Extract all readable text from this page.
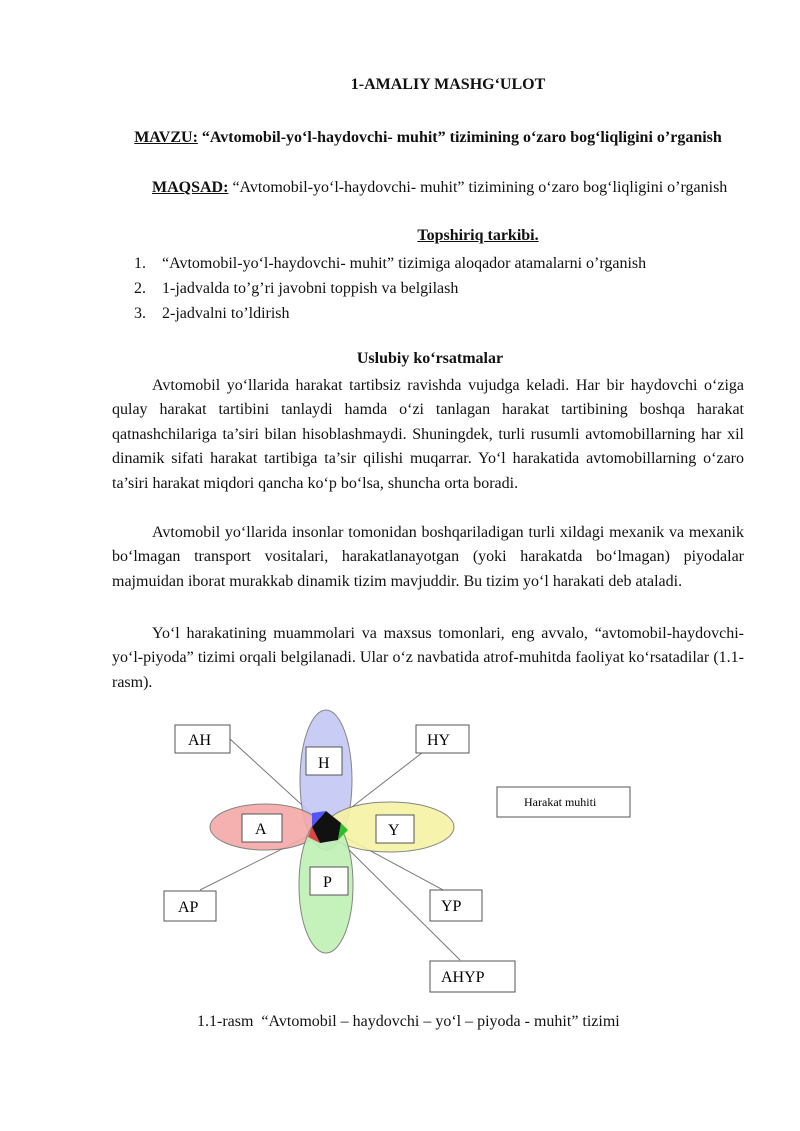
1-AMALIY MASHG‘ULOT
MAVZU: “Avtomobil-yo‘l-haydovchi- muhit” tizimining o‘zaro bog‘liqligini o’rganish
MAQSAD: “Avtomobil-yo‘l-haydovchi- muhit” tizimining o‘zaro bog‘liqligini o’rganish
Topshiriq tarkibi.
1. “Avtomobil-yo‘l-haydovchi- muhit” tizimiga aloqador atamalarni o’rganish
2. 1-jadvalda to’g’ri javobni toppish va belgilash
3. 2-jadvalni to’ldirish
Uslubiy ko‘rsatmalar
Avtomobil yo‘llarida harakat tartibsiz ravishda vujudga keladi. Har bir haydovchi o‘ziga qulay harakat tartibini tanlaydi hamda o‘zi tanlagan harakat tartibining boshqa harakat qatnashchilariga ta’siri bilan hisoblashmaydi. Shuningdek, turli rusumli avtomobillarning har xil dinamik sifati harakat tartibiga ta’sir qilishi muqarrar. Yo‘l harakatida avtomobillarning o‘zaro ta’siri harakat miqdori qancha ko‘p bo‘lsa, shuncha orta boradi.
Avtomobil yo‘llarida insonlar tomonidan boshqariladigan turli xildagi mexanik va mexanik bo‘lmagan transport vositalari, harakatlanayotgan (yoki harakatda bo‘lmagan) piyodalar majmuidan iborat murakkab dinamik tizim mavjuddir. Bu tizim yo‘l harakati deb ataladi.
Yo‘l harakatining muammolari va maxsus tomonlari, eng avvalo, “avtomobil-haydovchi-yo‘l-piyoda” tizimi orqali belgilanadi. Ular o‘z navbatida atrof-muhitda faoliyat ko‘rsatadilar (1.1- rasm).
AH	HY
H
A	Y
P
AP	YP
AHYP
Harakat muhiti
1.1-rasm  “Avtomobil – haydovchi – yo‘l – piyoda - muhit” tizimi
